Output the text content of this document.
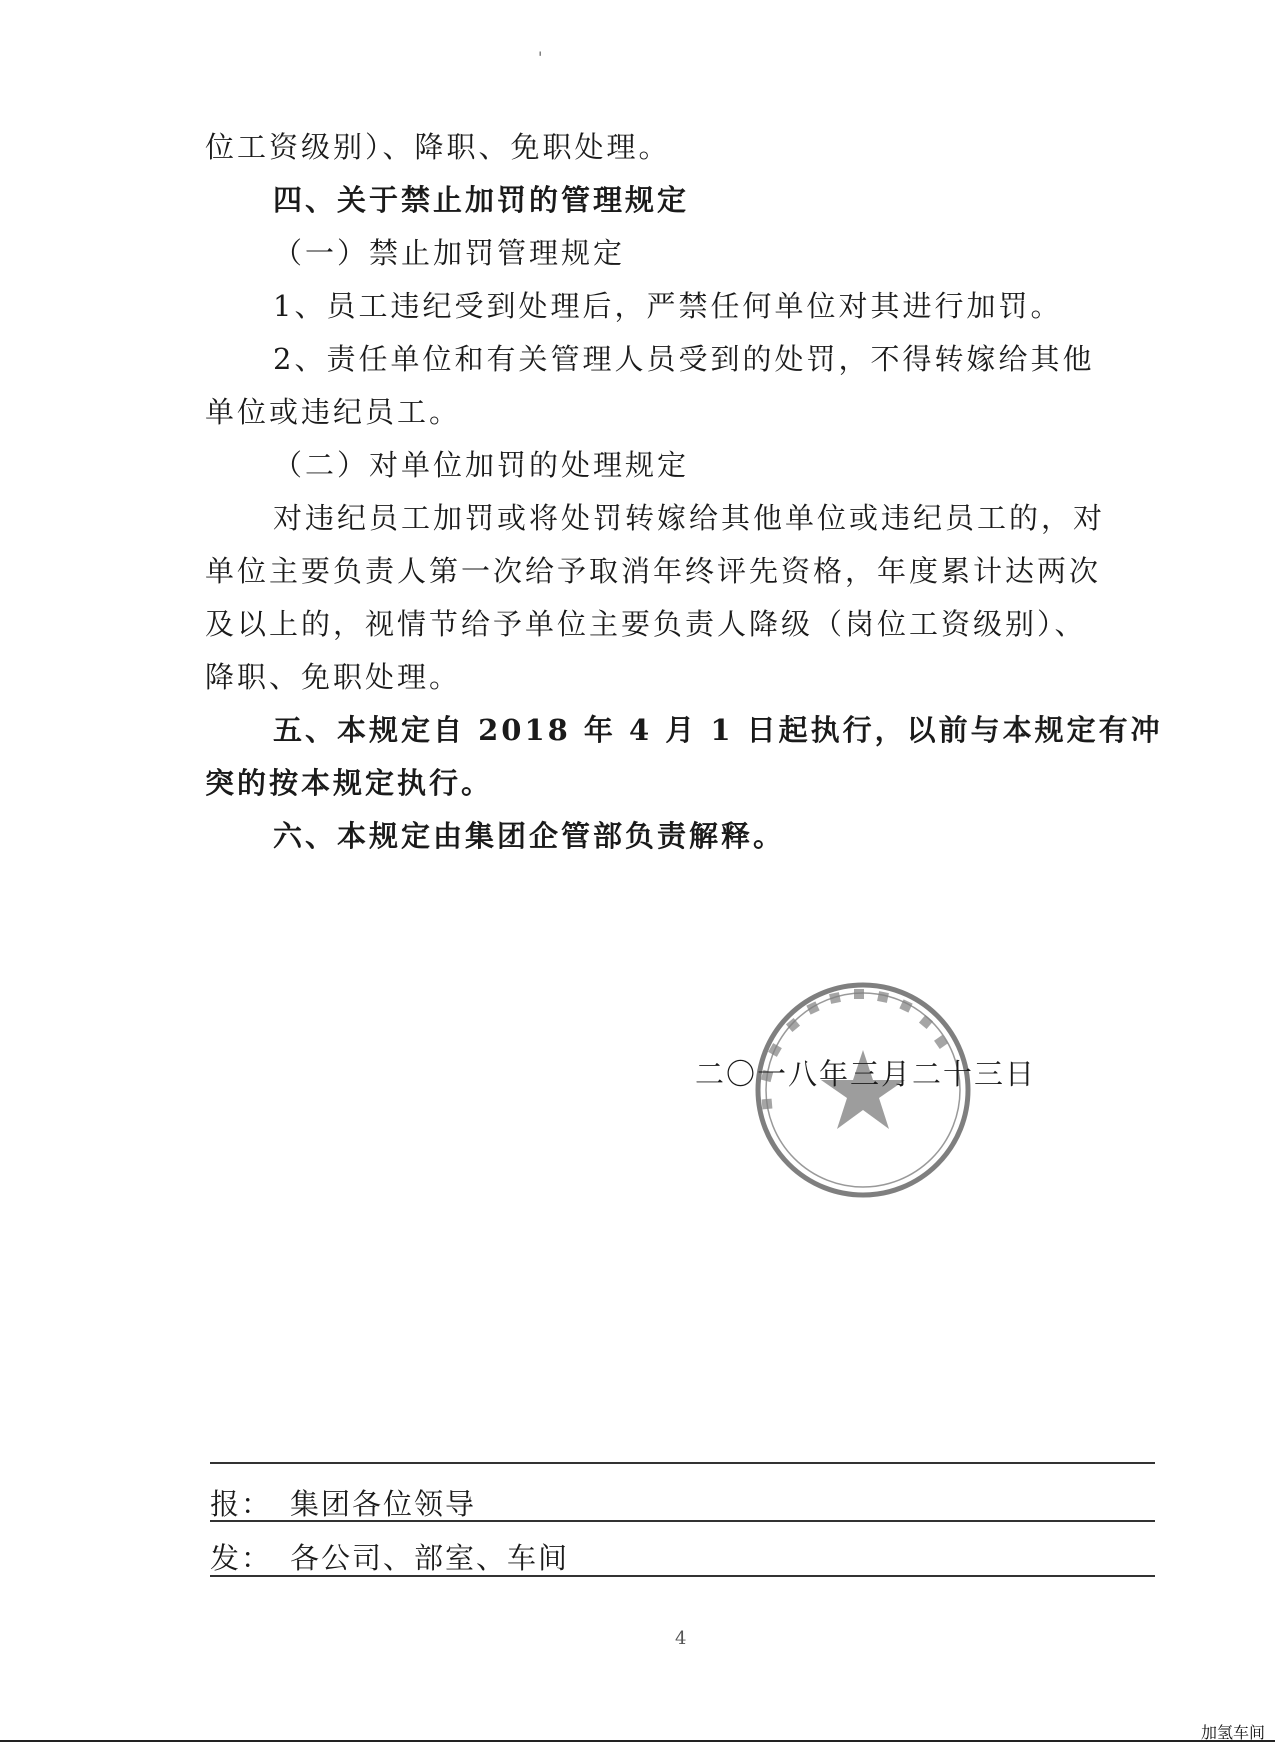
'
位工资级别）、降职、免职处理。
四、关于禁止加罚的管理规定
（一）禁止加罚管理规定
1、员工违纪受到处理后，严禁任何单位对其进行加罚。
2、责任单位和有关管理人员受到的处罚，不得转嫁给其他
单位或违纪员工。
（二）对单位加罚的处理规定
对违纪员工加罚或将处罚转嫁给其他单位或违纪员工的，对
单位主要负责人第一次给予取消年终评先资格，年度累计达两次
及以上的，视情节给予单位主要负责人降级（岗位工资级别）、
降职、免职处理。
五、本规定自 2018 年 4 月 1 日起执行，以前与本规定有冲
突的按本规定执行。
六、本规定由集团企管部负责解释。
二〇一八年三月二十三日
报： 集团各位领导
发： 各公司、部室、车间
4
加氢车间
